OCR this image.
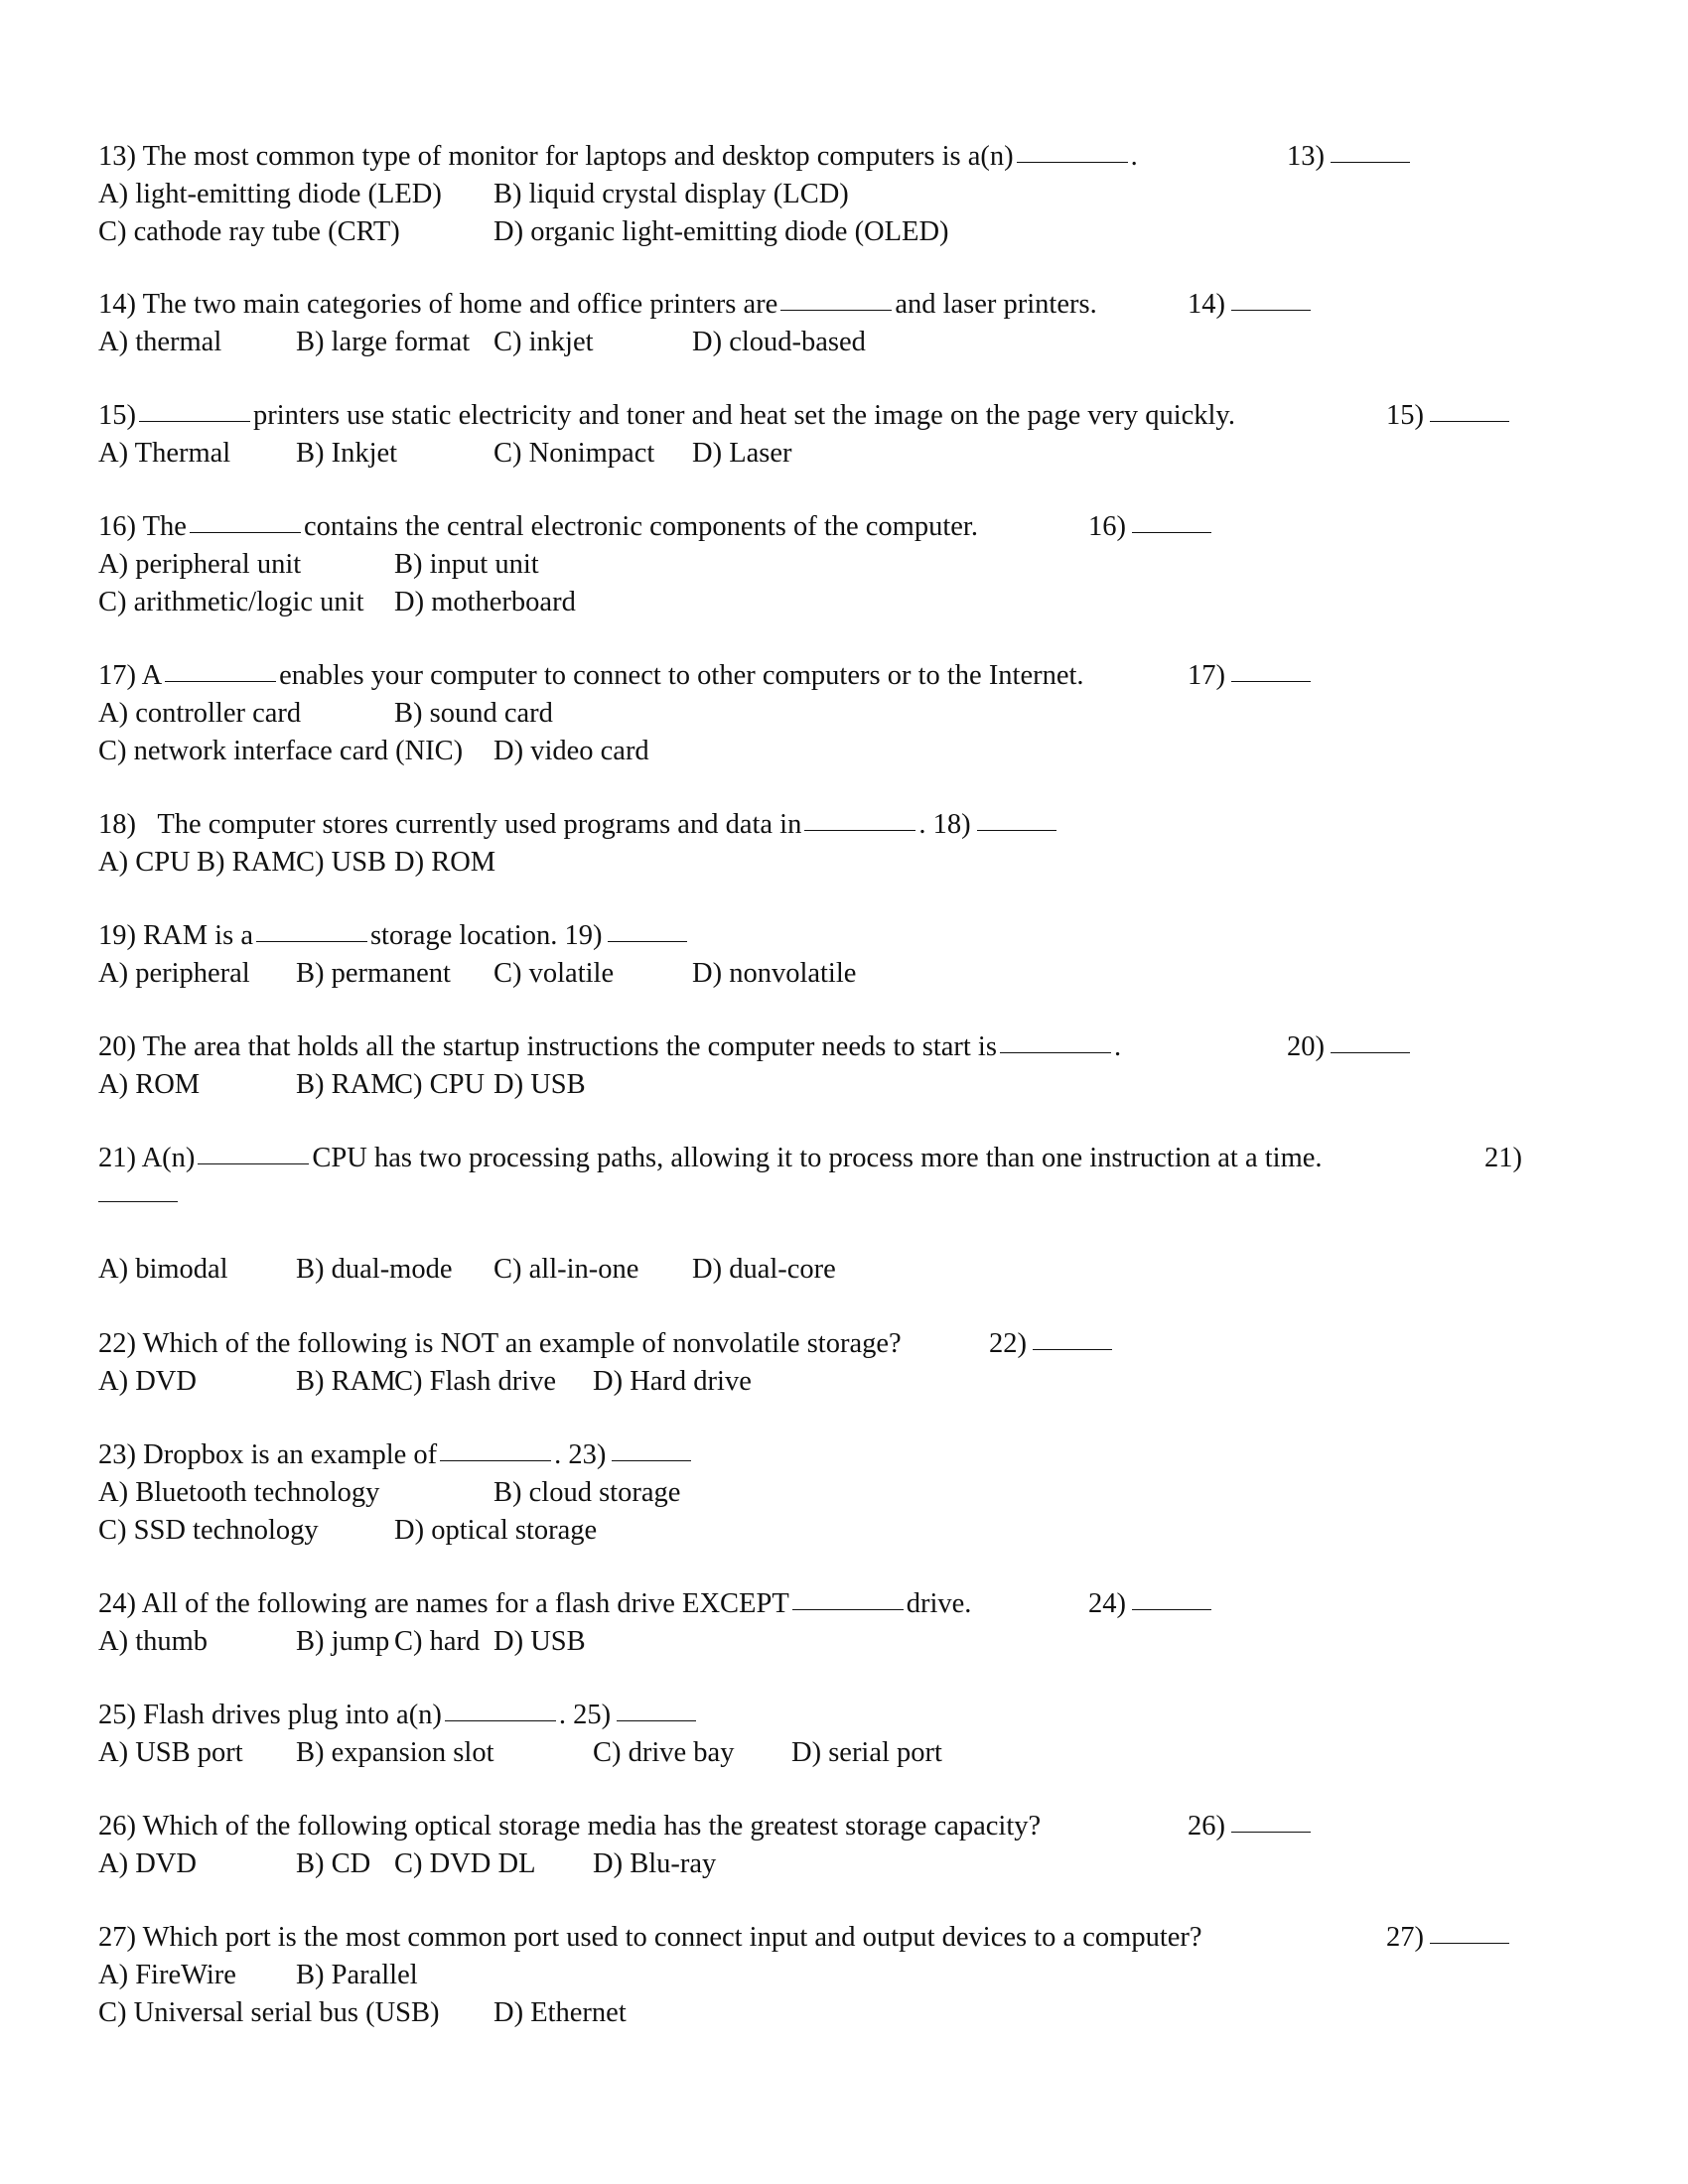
13) The most common type of monitor for laptops and desktop computers is a(n)	.	13)
A) light-emitting diode (LED) B) liquid crystal display (LCD)
C) cathode ray tube (CRT)	D) organic light-emitting diode (OLED)
14) The two main categories of home and office printers are	and laser printers.	14)
A) thermal	B) large format C) inkjet	D) cloud-based
15)	printers use static electricity and toner and heat set the image on the page very quickly.	15)
A) Thermal B) Inkjet	C) Nonimpact D) Laser
16) The	contains the central electronic components of the computer.	16)
A) peripheral unit	B) input unit
C) arithmetic/logic unit D) motherboard
17) A	enables your computer to connect to other computers or to the Internet.	17)
A) controller card	B) sound card
C) network interface card (NIC) D) video card
18) The computer stores currently used programs and data in	. 18)
A) CPU B) RAM C) USB D) ROM
19) RAM is a	storage location. 19)
A) peripheral B) permanent C) volatile	D) nonvolatile
20) The area that holds all the startup instructions the computer needs to start is	.	20)
A) ROM	B) RAM
C) CPU D) USB
21) A(n)	CPU has two processing paths, allowing it to process more than one instruction at a time.	21)
A) bimodal B) dual-mode C) all-in-one D) dual-core
22) Which of the following is NOT an example of nonvolatile storage?	22)
A) DVD	B) RAM
C) Flash drive D) Hard drive
23) Dropbox is an example of	. 23)
A) Bluetooth technology	B) cloud storage
C) SSD technology	D) optical storage
24) All of the following are names for a flash drive EXCEPT	drive.	24)
A) thumb	B) jump C) hard D) USB
25) Flash drives plug into a(n)	. 25)
A) USB port B) expansion slot	C) drive bay D) serial port
26) Which of the following optical storage media has the greatest storage capacity?	26)
A) DVD	B) CD C) DVD DL D) Blu-ray
27) Which port is the most common port used to connect input and output devices to a computer?	27)
A) FireWire B) Parallel
C) Universal serial bus (USB) D) Ethernet
